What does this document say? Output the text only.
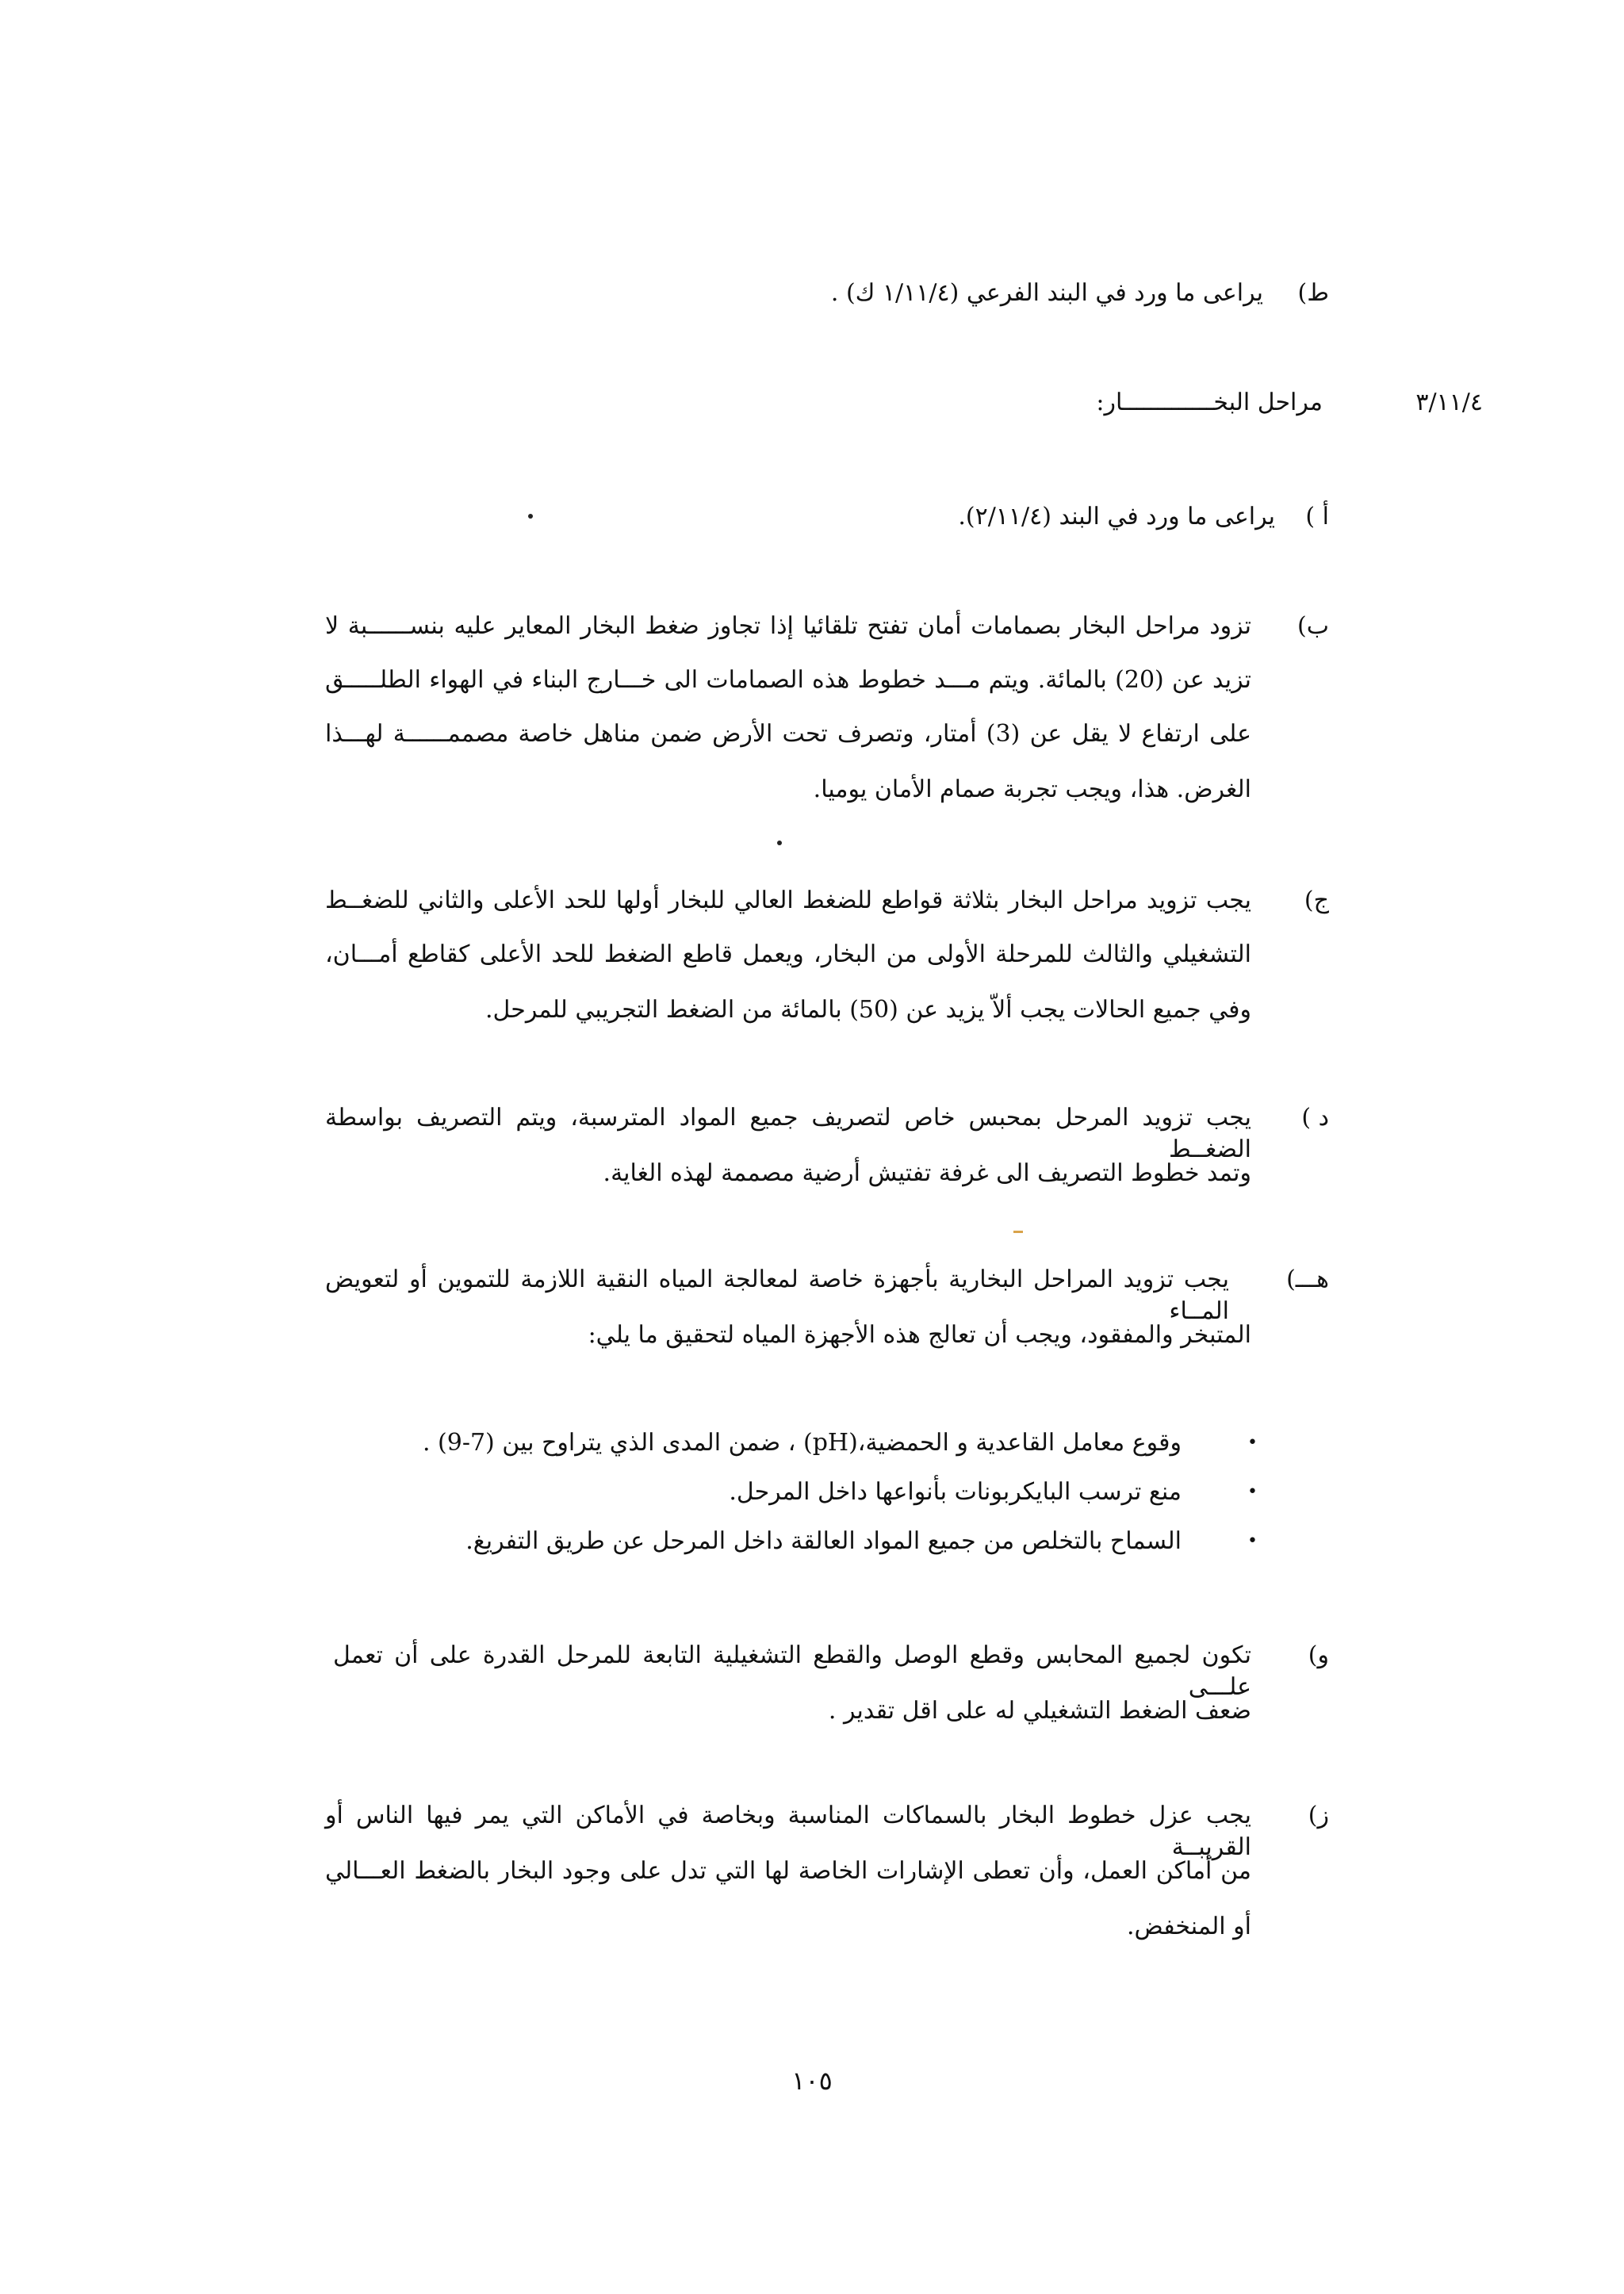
ط)
يراعى ما ورد في البند الفرعي (١/١١/٤ ك) .
٣/١١/٤
مراحل البخـــــــــــــار:
أ )
يراعى ما ورد في البند (٢/١١/٤).
ب)
تزود مراحل البخار بصمامات أمان تفتح تلقائيا إذا تجاوز ضغط البخار المعاير عليه بنســــــبة لا
تزيد عن (20) بالمائة. ويتم مـــد خطوط هذه الصمامات الى خـــارج البناء في الهواء الطلـــــق
على ارتفاع لا يقل عن (3) أمتار، وتصرف تحت الأرض ضمن مناهل خاصة مصممــــــة لهـــذا
الغرض. هذا، ويجب تجربة صمام الأمان يوميا.
ج)
يجب تزويد مراحل البخار بثلاثة قواطع للضغط العالي للبخار أولها للحد الأعلى والثاني للضغــط
التشغيلي والثالث للمرحلة الأولى من البخار، ويعمل قاطع الضغط للحد الأعلى كقاطع أمـــان،
وفي جميع الحالات يجب ألاّ يزيد عن (50) بالمائة من الضغط التجريبي للمرحل.
د )
يجب تزويد المرحل بمحبس خاص لتصريف جميع المواد المترسبة، ويتم التصريف بواسطة الضغــط
وتمد خطوط التصريف الى غرفة تفتيش أرضية مصممة لهذه الغاية.
هـــ)
يجب تزويد المراحل البخارية بأجهزة خاصة لمعالجة المياه النقية اللازمة للتموين أو لتعويض المــاء
المتبخر والمفقود، ويجب أن تعالج هذه الأجهزة المياه لتحقيق ما يلي:
•
وقوع معامل القاعدية و الحمضية،(pH) ، ضمن المدى الذي يتراوح بين (7-9) .
•
منع ترسب البايكربونات بأنواعها داخل المرحل.
•
السماح بالتخلص من جميع المواد العالقة داخل المرحل عن طريق التفريغ.
و)
تكون لجميع المحابس وقطع الوصل والقطع التشغيلية التابعة للمرحل القدرة على أن تعمل علـــى
ضعف الضغط التشغيلي له على اقل تقدير .
ز)
يجب عزل خطوط البخار بالسماكات المناسبة وبخاصة في الأماكن التي يمر فيها الناس أو القريبــة
من أماكن العمل، وأن تعطى الإشارات الخاصة لها التي تدل على وجود البخار بالضغط العـــالي
أو المنخفض.
١٠٥
